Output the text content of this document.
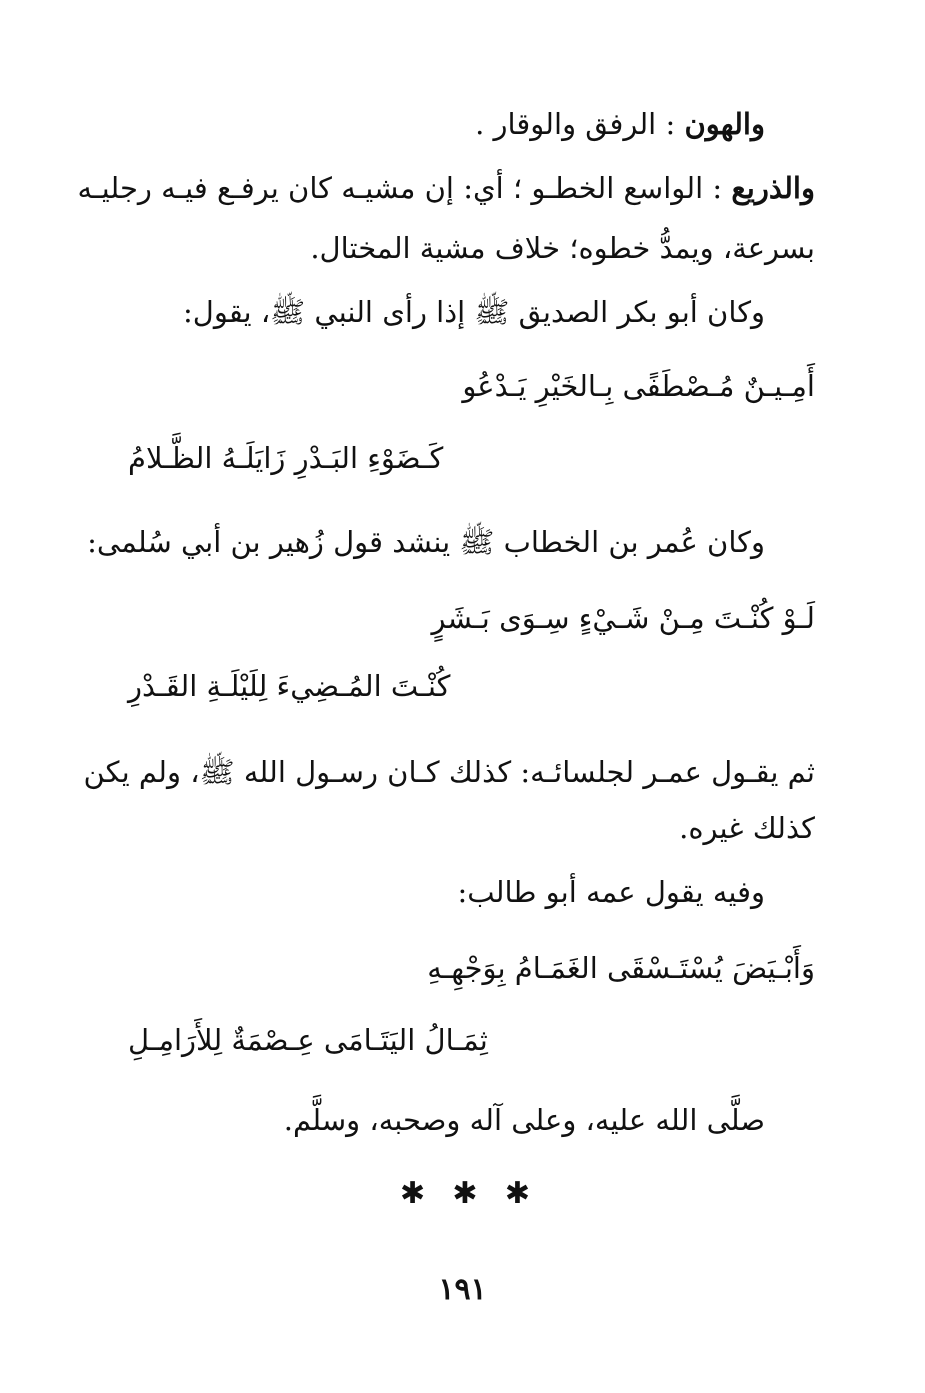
والهون : الرفق والوقار .
والذريع : الواسع الخطـو ؛ أي: إن مشيـه كان يرفـع فيـه رجليـه
بسرعة، ويمدُّ خطوه؛ خلاف مشية المختال.
وكان أبو بكر الصديق ﷺ إذا رأى النبي ﷺ، يقول:
أَمِـيـنٌ مُـصْطَفًى بِـالخَيْرِ يَـدْعُو
كَـضَوْءِ البَـدْرِ زَايَلَـهُ الظَّـلامُ
وكان عُمر بن الخطاب ﷺ ينشد قول زُهير بن أبي سُلمى:
لَـوْ كُنْـتَ مِـنْ شَـيْءٍ سِـوَى بَـشَرٍ
كُنْـتَ المُـضِيءَ لِلَيْلَـةِ القَـدْرِ
ثم يقـول عمـر لجلسائـه: كذلك كـان رسـول الله ﷺ، ولم يكن
كذلك غيره.
وفيه يقول عمه أبو طالب:
وَأَبْـيَضَ يُسْتَـسْقَى الغَمَـامُ بِوَجْهِـهِ
ثِمَـالُ اليَتَـامَى عِـصْمَةٌ لِلأَرَامِـلِ
صلَّى الله عليه، وعلى آله وصحبه، وسلَّم.
✱ ✱ ✱
١٩١
